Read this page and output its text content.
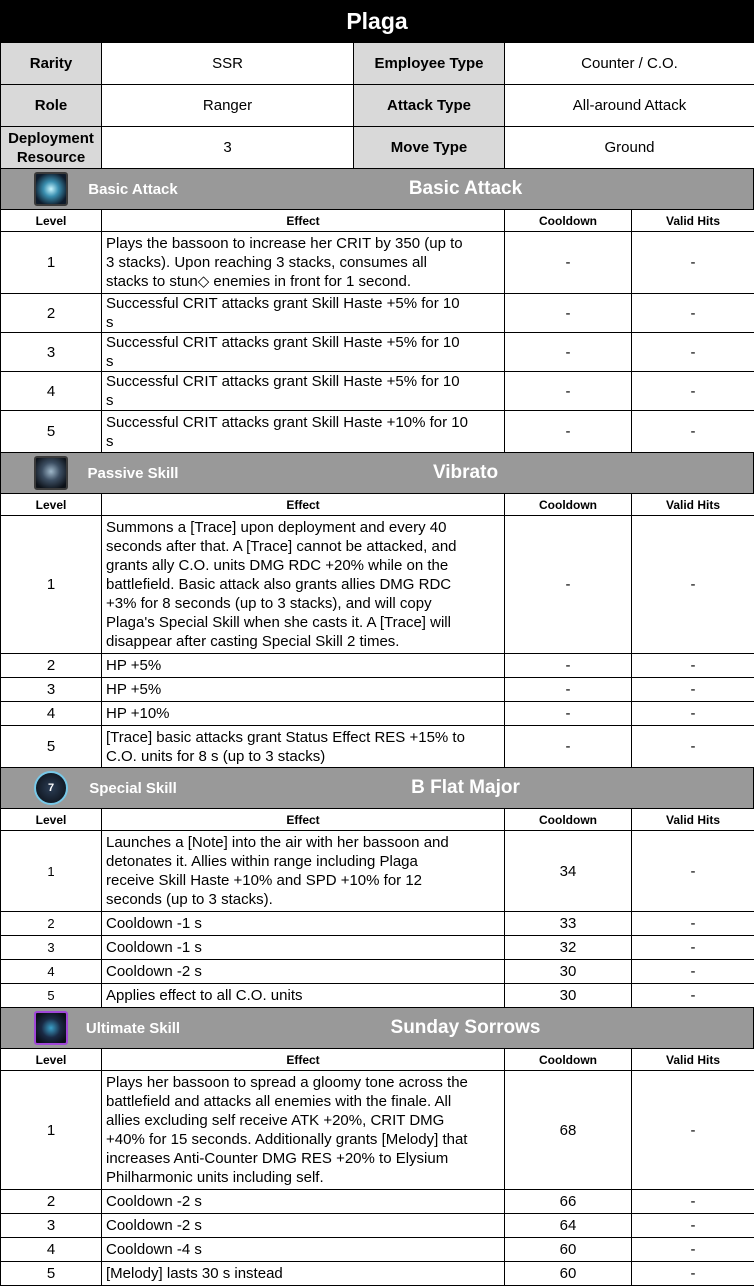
Plaga
Rarity	SSR	Employee Type	Counter / C.O.
Role	Ranger	Attack Type	All-around Attack
Deployment Resource	3	Move Type	Ground
Basic Attack	Basic Attack
Level	Effect	Cooldown	Valid Hits
1	Plays the bassoon to increase her CRIT by 350 (up to 3 stacks). Upon reaching 3 stacks, consumes all stacks to stun◇ enemies in front for 1 second.	-	-
2	Successful CRIT attacks grant Skill Haste +5% for 10 s	-	-
3	Successful CRIT attacks grant Skill Haste +5% for 10 s	-	-
4	Successful CRIT attacks grant Skill Haste +5% for 10 s	-	-
5	Successful CRIT attacks grant Skill Haste +10% for 10 s	-	-
Passive Skill	Vibrato
Level	Effect	Cooldown	Valid Hits
1	Summons a [Trace] upon deployment and every 40 seconds after that. A [Trace] cannot be attacked, and grants ally C.O. units DMG RDC +20% while on the battlefield. Basic attack also grants allies DMG RDC +3% for 8 seconds (up to 3 stacks), and will copy Plaga's Special Skill when she casts it. A [Trace] will disappear after casting Special Skill 2 times.	-	-
2	HP +5%	-	-
3	HP +5%	-	-
4	HP +10%	-	-
5	[Trace] basic attacks grant Status Effect RES +15% to C.O. units for 8 s (up to 3 stacks)	-	-
7	Special Skill	B Flat Major
Level	Effect	Cooldown	Valid Hits
1	Launches a [Note] into the air with her bassoon and detonates it. Allies within range including Plaga receive Skill Haste +10% and SPD +10% for 12 seconds (up to 3 stacks).	34	-
2	Cooldown -1 s	33	-
3	Cooldown -1 s	32	-
4	Cooldown -2 s	30	-
5	Applies effect to all C.O. units	30	-
Ultimate Skill	Sunday Sorrows
Level	Effect	Cooldown	Valid Hits
1	Plays her bassoon to spread a gloomy tone across the battlefield and attacks all enemies with the finale. All allies excluding self receive ATK +20%, CRIT DMG +40% for 15 seconds. Additionally grants [Melody] that increases Anti-Counter DMG RES +20% to Elysium Philharmonic units including self.	68	-
2	Cooldown -2 s	66	-
3	Cooldown -2 s	64	-
4	Cooldown -4 s	60	-
5	[Melody] lasts 30 s instead	60	-
